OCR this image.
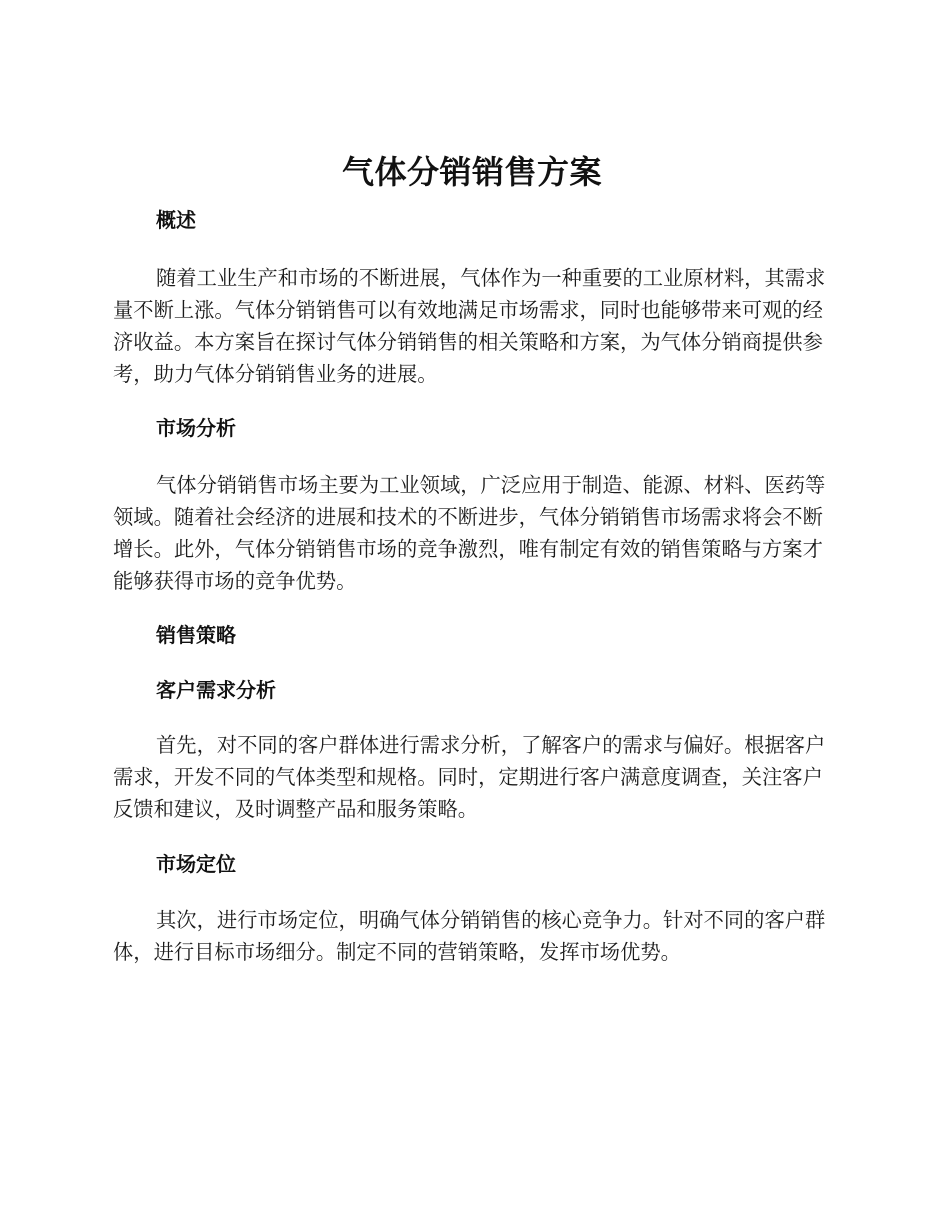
气体分销销售方案
概述

随着工业生产和市场的不断进展，气体作为一种重要的工业原材料，其需求量不断上涨。气体分销销售可以有效地满足市场需求，同时也能够带来可观的经济收益。本方案旨在探讨气体分销销售的相关策略和方案，为气体分销商提供参考，助力气体分销销售业务的进展。

市场分析

气体分销销售市场主要为工业领域，广泛应用于制造、能源、材料、医药等领域。随着社会经济的进展和技术的不断进步，气体分销销售市场需求将会不断增长。此外，气体分销销售市场的竞争激烈，唯有制定有效的销售策略与方案才能够获得市场的竞争优势。

销售策略
客户需求分析

首先，对不同的客户群体进行需求分析，了解客户的需求与偏好。根据客户需求，开发不同的气体类型和规格。同时，定期进行客户满意度调查，关注客户反馈和建议，及时调整产品和服务策略。

市场定位

其次，进行市场定位，明确气体分销销售的核心竞争力。针对不同的客户群体，进行目标市场细分。制定不同的营销策略，发挥市场优势。
